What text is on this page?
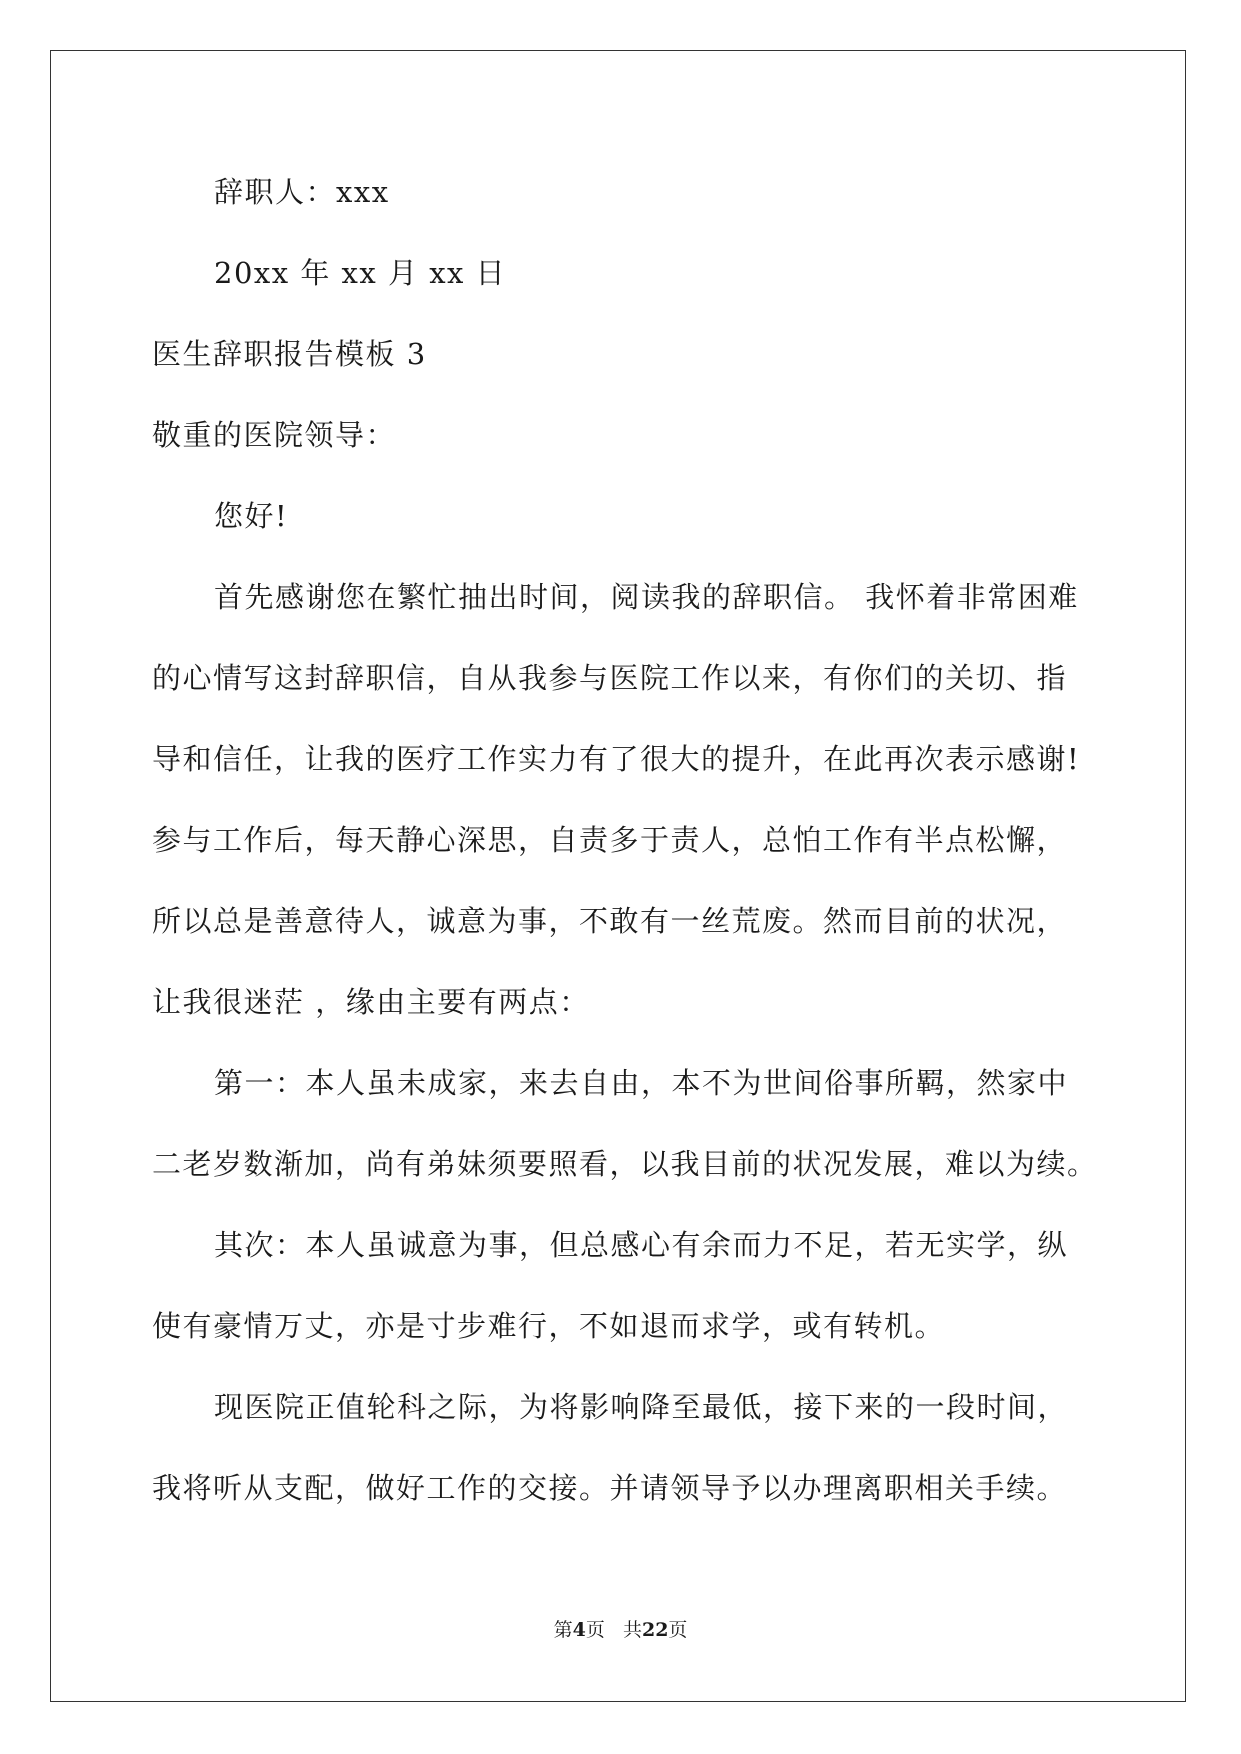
辞职人：xxx
20xx 年 xx 月 xx 日
医生辞职报告模板 3
敬重的医院领导：
您好!
首先感谢您在繁忙抽出时间，阅读我的辞职信。 我怀着非常困难
的心情写这封辞职信，自从我参与医院工作以来，有你们的关切、指
导和信任，让我的医疗工作实力有了很大的提升，在此再次表示感谢!
参与工作后，每天静心深思，自责多于责人，总怕工作有半点松懈，
所以总是善意待人，诚意为事，不敢有一丝荒废。然而目前的状况，
让我很迷茫 ，缘由主要有两点：
第一：本人虽未成家，来去自由，本不为世间俗事所羁，然家中
二老岁数渐加，尚有弟妹须要照看，以我目前的状况发展，难以为续。
其次：本人虽诚意为事，但总感心有余而力不足，若无实学，纵
使有豪情万丈，亦是寸步难行，不如退而求学，或有转机。
现医院正值轮科之际，为将影响降至最低，接下来的一段时间，
我将听从支配，做好工作的交接。并请领导予以办理离职相关手续。
第4页 共22页
